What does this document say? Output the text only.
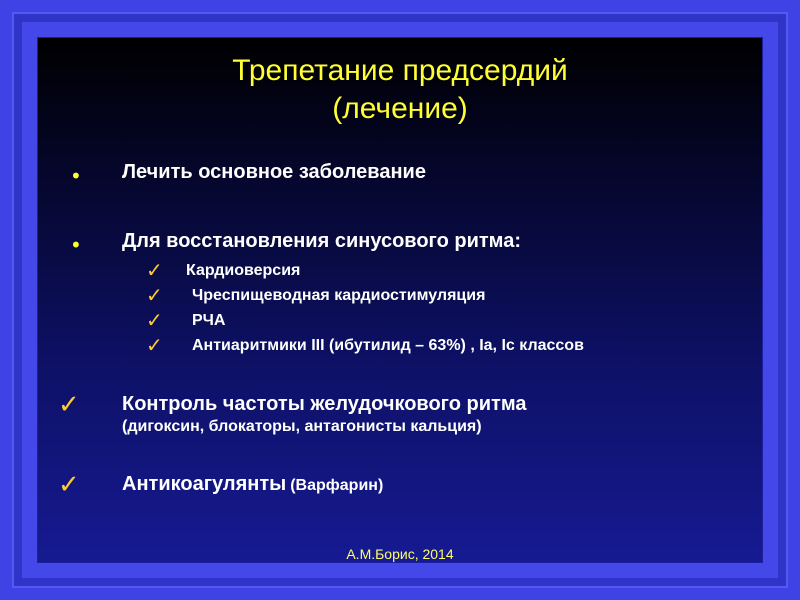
Трепетание предсердий
(лечение)
• Лечить основное заболевание
• Для восстановления синусового ритма:
✓ Кардиоверсия
✓ Чреспищеводная кардиостимуляция
✓ РЧА
✓ Антиаритмики III (ибутилид – 63%) , Ia, Ic классов
✓ Контроль частоты желудочкового ритма
(дигоксин, блокаторы, антагонисты кальция)
✓ Антикоагулянты (Варфарин)
А.М.Борис, 2014
